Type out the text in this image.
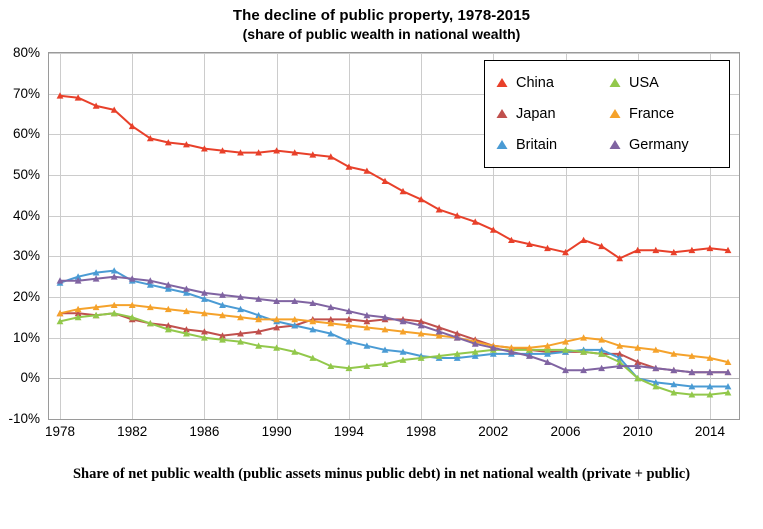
The decline of public property, 1978-2015
(share of public wealth in national wealth)
-10%
0%
10%
20%
30%
40%
50%
60%
70%
80%
1978	1982	1986	1990	1994	1998	2002	2006	2010	2014
China	USA
Japan	France
Britain	Germany
Share of net public wealth (public assets minus public debt) in net national wealth (private + public)
